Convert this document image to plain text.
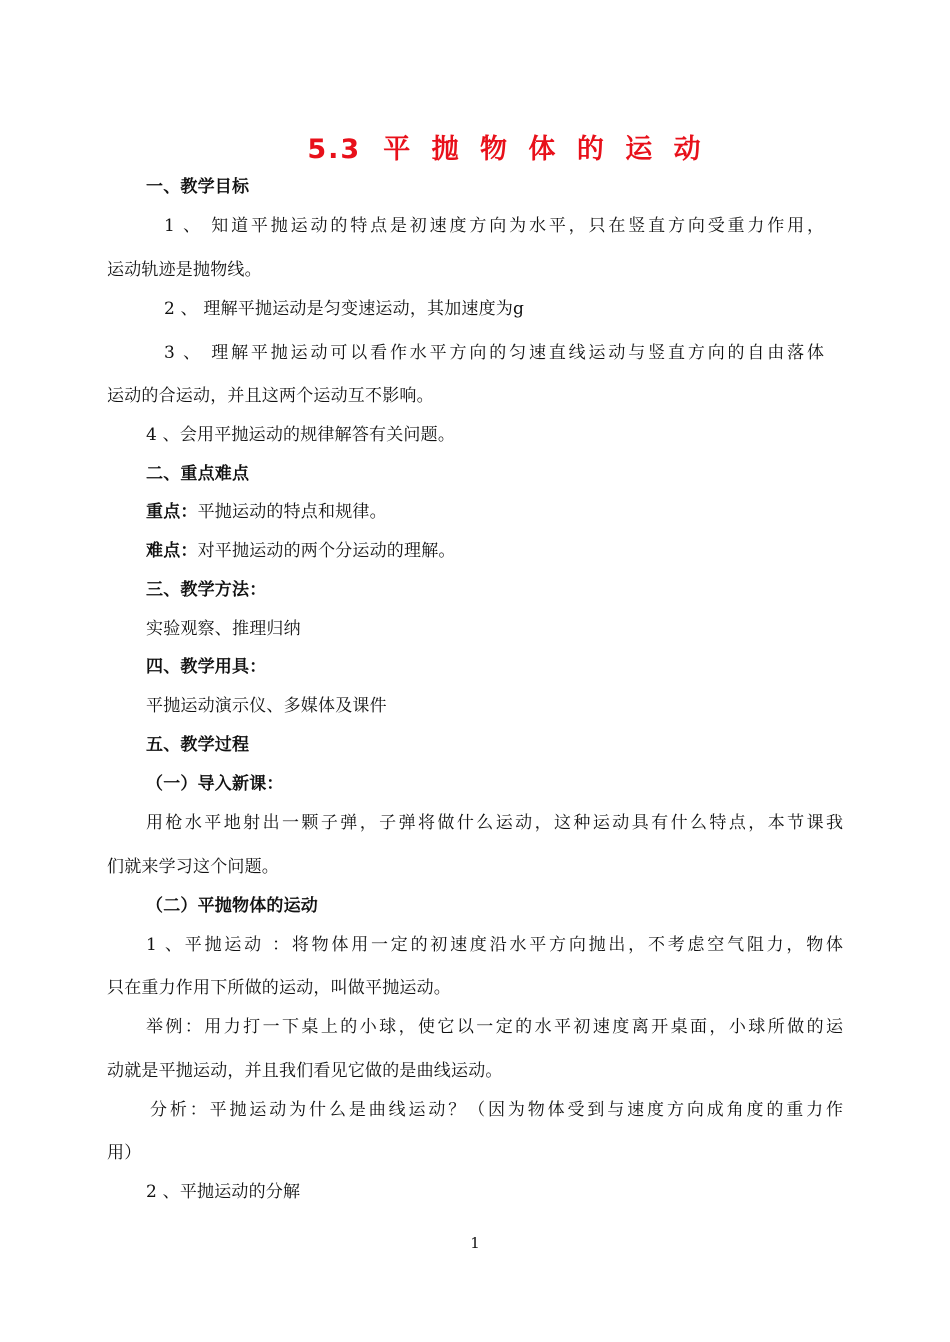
5.3 平 抛 物 体 的 运 动
一、教学目标
1 、 知道平抛运动的特点是初速度方向为水平，只在竖直方向受重力作用，
运动轨迹是抛物线。
2 、 理解平抛运动是匀变速运动，其加速度为g
3 、 理解平抛运动可以看作水平方向的匀速直线运动与竖直方向的自由落体
运动的合运动，并且这两个运动互不影响。
4 、会用平抛运动的规律解答有关问题。
二、重点难点
重点：平抛运动的特点和规律。
难点：对平抛运动的两个分运动的理解。
三、教学方法：
实验观察、推理归纳
四、教学用具：
平抛运动演示仪、多媒体及课件
五、教学过程
（一）导入新课：
用枪水平地射出一颗子弹，子弹将做什么运动，这种运动具有什么特点，本节课我
们就来学习这个问题。
（二）平抛物体的运动
1 、平抛运动 ：将物体用一定的初速度沿水平方向抛出，不考虑空气阻力，物体
只在重力作用下所做的运动，叫做平抛运动。
举例：用力打一下桌上的小球，使它以一定的水平初速度离开桌面，小球所做的运
动就是平抛运动，并且我们看见它做的是曲线运动。
分析：平抛运动为什么是曲线运动？（因为物体受到与速度方向成角度的重力作
用）
2 、平抛运动的分解
1
